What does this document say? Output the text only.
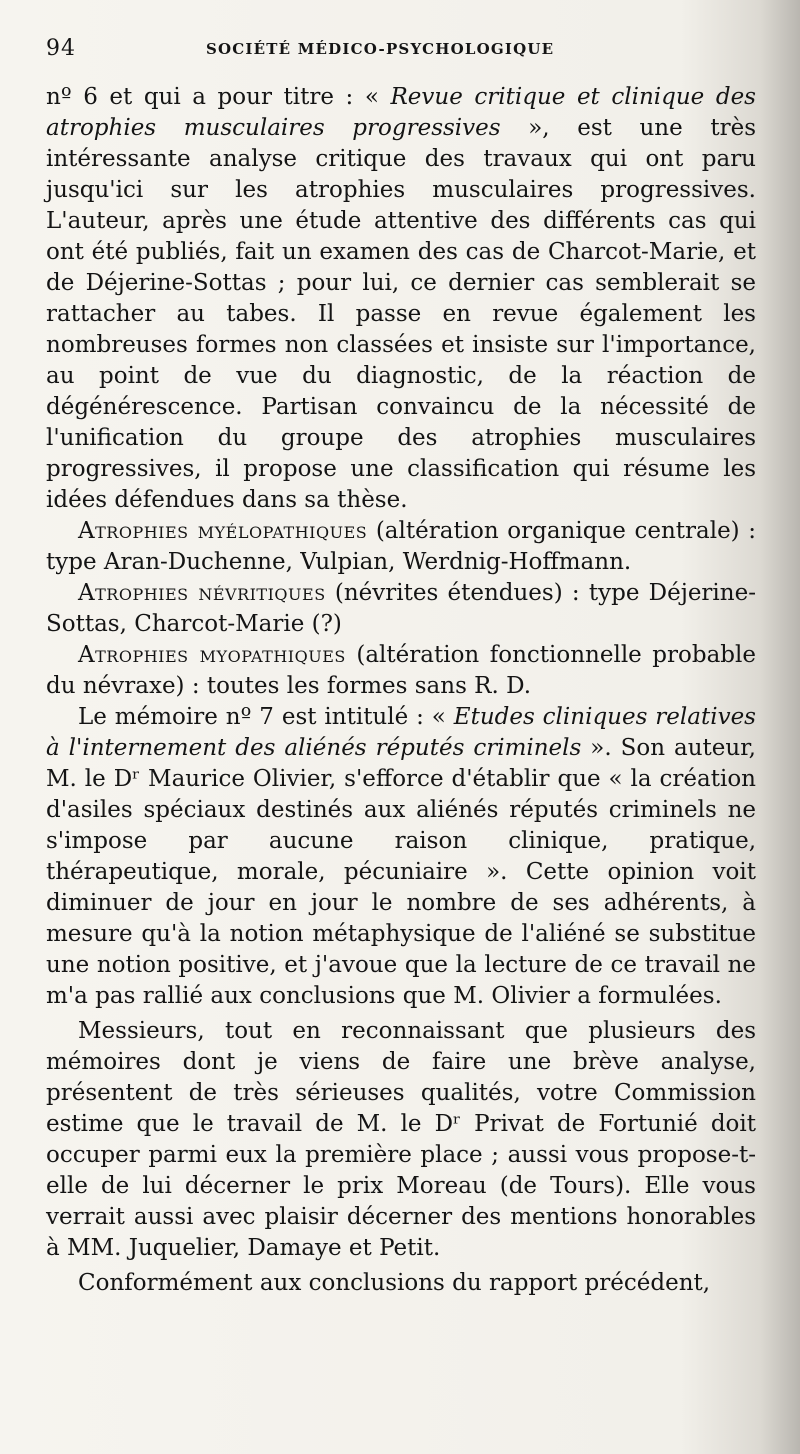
94	SOCIÉTÉ MÉDICO-PSYCHOLOGIQUE

nº 6 et qui a pour titre : « Revue critique et clinique des atrophies musculaires progressives », est une très intéressante analyse critique des travaux qui ont paru jusqu'ici sur les atrophies musculaires progressives. L'auteur, après une étude attentive des différents cas qui ont été publiés, fait un examen des cas de Charcot-Marie, et de Déjerine-Sottas ; pour lui, ce dernier cas semblerait se rattacher au tabes. Il passe en revue également les nombreuses formes non classées et insiste sur l'importance, au point de vue du diagnostic, de la réaction de dégénérescence. Partisan convaincu de la nécessité de l'unification du groupe des atrophies musculaires progressives, il propose une classification qui résume les idées défendues dans sa thèse.

Atrophies myélopathiques (altération organique centrale) : type Aran-Duchenne, Vulpian, Werdnig-Hoffmann.

Atrophies névritiques (névrites étendues) : type Déjerine-Sottas, Charcot-Marie (?)

Atrophies myopathiques (altération fonctionnelle probable du névraxe) : toutes les formes sans R. D.

Le mémoire nº 7 est intitulé : « Etudes cliniques relatives à l'internement des aliénés réputés criminels ». Son auteur, M. le Dʳ Maurice Olivier, s'efforce d'établir que « la création d'asiles spéciaux destinés aux aliénés réputés criminels ne s'impose par aucune raison clinique, pratique, thérapeutique, morale, pécuniaire ». Cette opinion voit diminuer de jour en jour le nombre de ses adhérents, à mesure qu'à la notion métaphysique de l'aliéné se substitue une notion positive, et j'avoue que la lecture de ce travail ne m'a pas rallié aux conclusions que M. Olivier a formulées.

Messieurs, tout en reconnaissant que plusieurs des mémoires dont je viens de faire une brève analyse, présentent de très sérieuses qualités, votre Commission estime que le travail de M. le Dʳ Privat de Fortunié doit occuper parmi eux la première place ; aussi vous propose-t-elle de lui décerner le prix Moreau (de Tours). Elle vous verrait aussi avec plaisir décerner des mentions honorables à MM. Juquelier, Damaye et Petit.

Conformément aux conclusions du rapport précédent,
